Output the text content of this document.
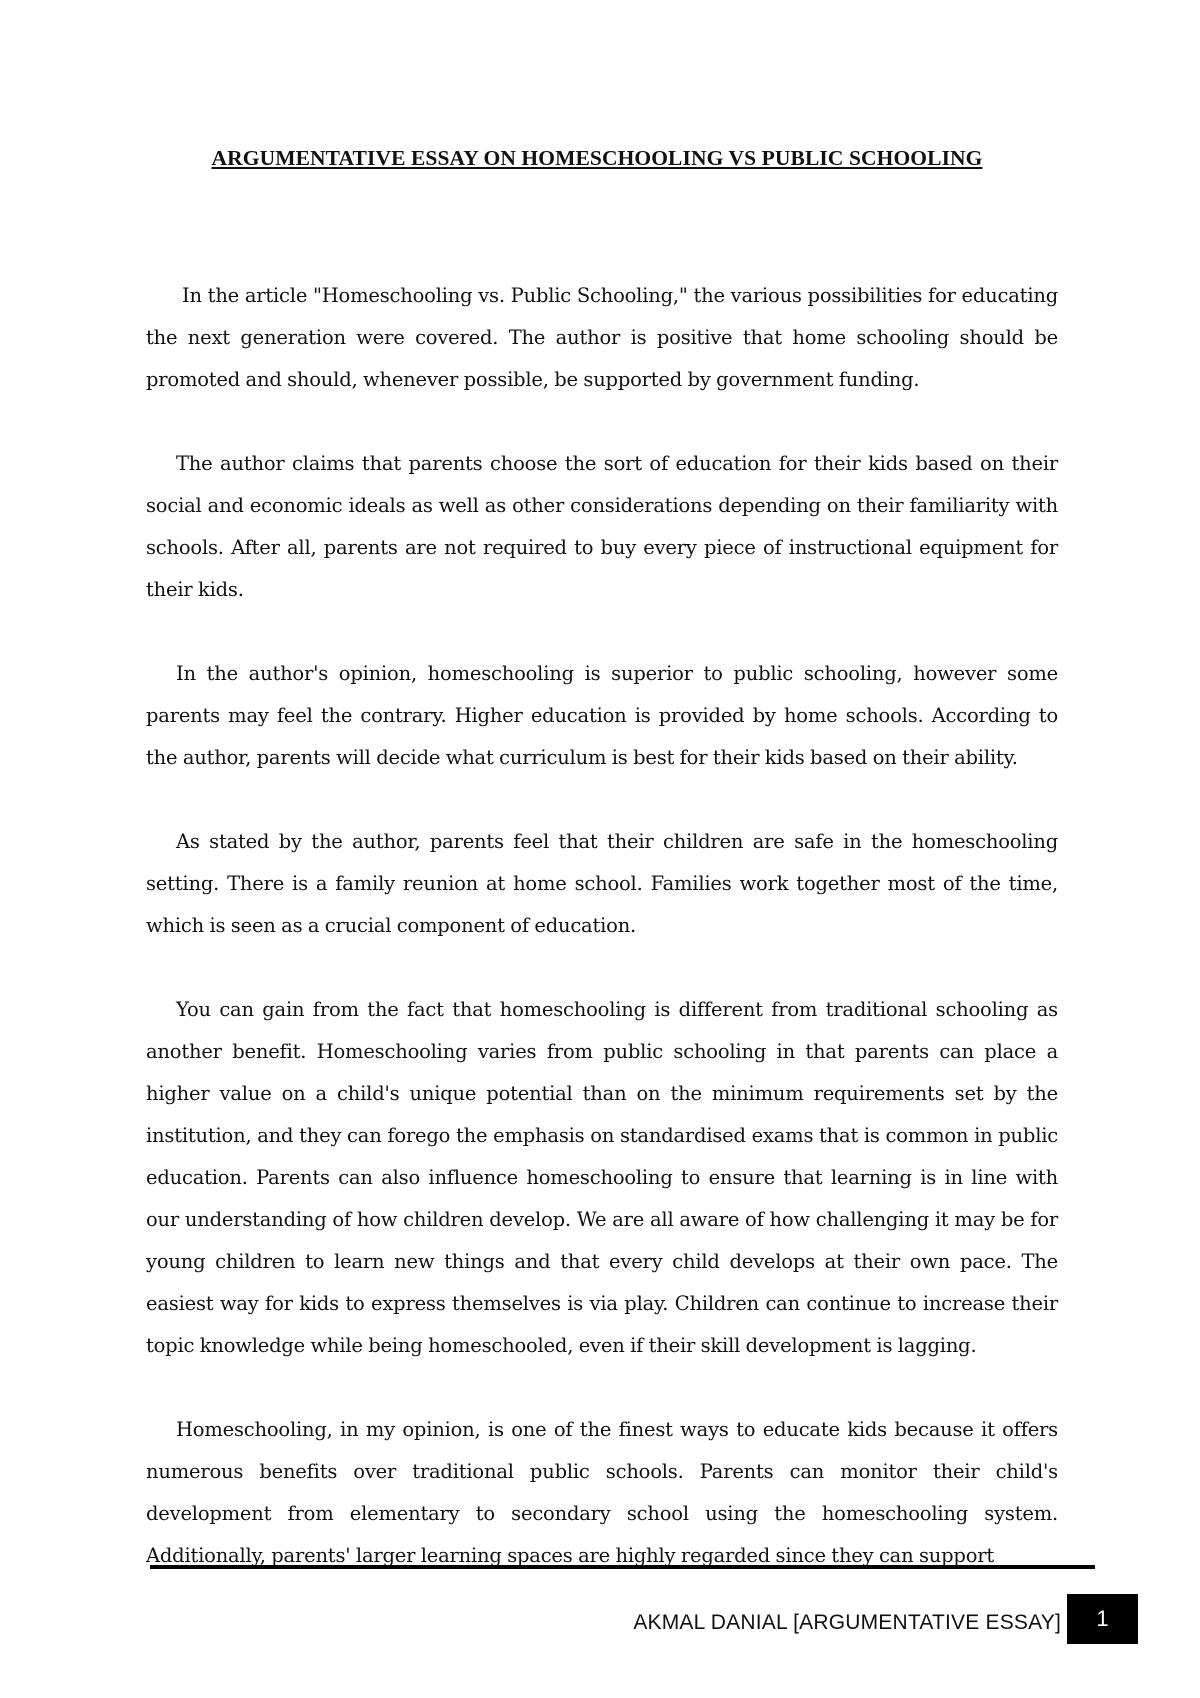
ARGUMENTATIVE ESSAY ON HOMESCHOOLING VS PUBLIC SCHOOLING

In the article "Homeschooling vs. Public Schooling," the various possibilities for educating the next generation were covered. The author is positive that home schooling should be promoted and should, whenever possible, be supported by government funding.

The author claims that parents choose the sort of education for their kids based on their social and economic ideals as well as other considerations depending on their familiarity with schools. After all, parents are not required to buy every piece of instructional equipment for their kids.

In the author's opinion, homeschooling is superior to public schooling, however some parents may feel the contrary. Higher education is provided by home schools. According to the author, parents will decide what curriculum is best for their kids based on their ability.

As stated by the author, parents feel that their children are safe in the homeschooling setting. There is a family reunion at home school. Families work together most of the time, which is seen as a crucial component of education.

You can gain from the fact that homeschooling is different from traditional schooling as another benefit. Homeschooling varies from public schooling in that parents can place a higher value on a child's unique potential than on the minimum requirements set by the institution, and they can forego the emphasis on standardised exams that is common in public education. Parents can also influence homeschooling to ensure that learning is in line with our understanding of how children develop. We are all aware of how challenging it may be for young children to learn new things and that every child develops at their own pace. The easiest way for kids to express themselves is via play. Children can continue to increase their topic knowledge while being homeschooled, even if their skill development is lagging.

Homeschooling, in my opinion, is one of the finest ways to educate kids because it offers numerous benefits over traditional public schools. Parents can monitor their child's development from elementary to secondary school using the homeschooling system. Additionally, parents' larger learning spaces are highly regarded since they can support

AKMAL DANIAL [ARGUMENTATIVE ESSAY]	1
